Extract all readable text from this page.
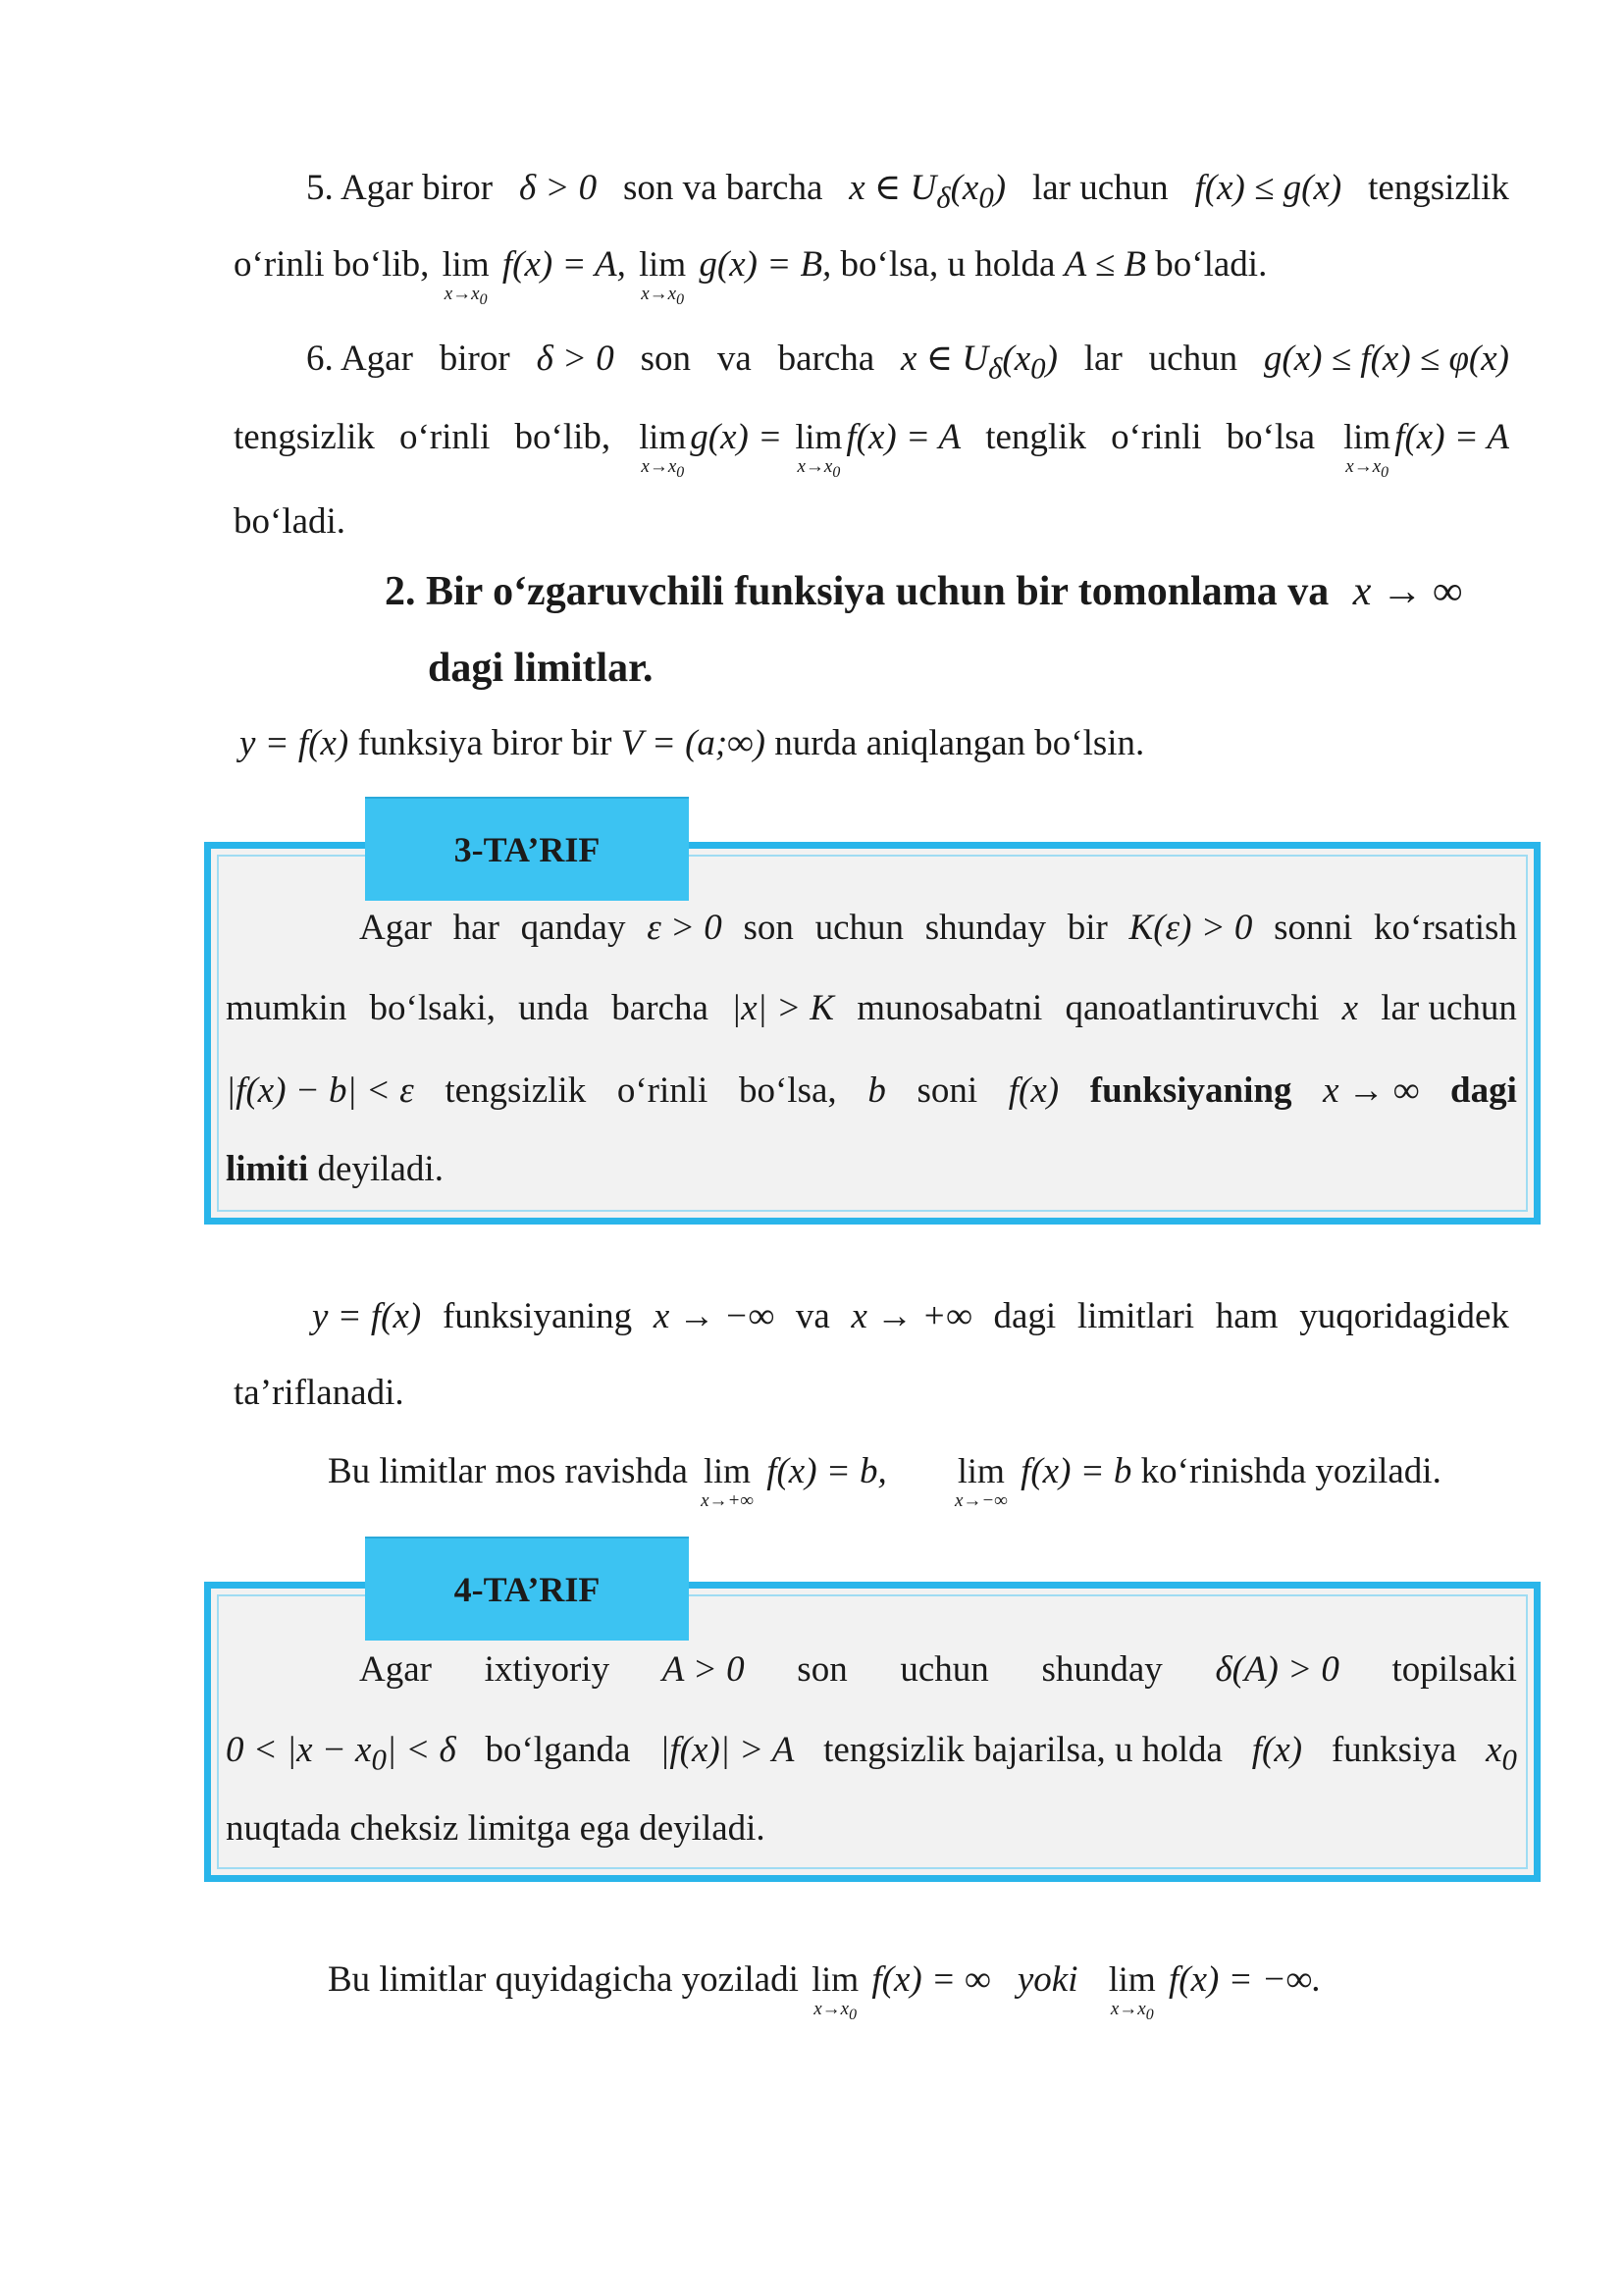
5. Agar biror δ > 0 son va barcha x ∈ $U_\delta(x_0)$ lar uchun f(x) ≤ g(x) tengsizlik
o‘rinli bo‘lib, lim
$x\to x_0$
f(x) = A, lim
$x\to x_0$
g(x) = B, bo‘lsa, u holda A ≤ B bo‘ladi.
6. Agar biror δ > 0 son va barcha x ∈ $U_\delta(x_0)$ lar uchun g(x) ≤ f(x) ≤ φ(x)
tengsizlik o‘rinli bo‘lib, lim
$x\to x_0$
g(x) = lim
$x\to x_0$
f(x) = A tenglik o‘rinli bo‘lsa lim
$x\to x_0$
f(x) = A
bo‘ladi.
2. Bir o‘zgaruvchili funksiya uchun bir tomonlama va x → ∞
dagi limitlar.
y = f(x) funksiya biror bir V = (a;∞) nurda aniqlangan bo‘lsin.
3-TA’RIF
Agar har qanday ε > 0 son uchun shunday bir K(ε) > 0 sonni ko‘rsatish
mumkin bo‘lsaki, unda barcha |x| > K munosabatni qanoatlantiruvchi x lar uchun
|f(x) − b| < ε tengsizlik o‘rinli bo‘lsa, b soni f(x) funksiyaning x → ∞ dagi
limiti deyiladi.
y = f(x) funksiyaning x → −∞ va x → +∞ dagi limitlari ham yuqoridagidek
ta’riflanadi.
Bu limitlar mos ravishda lim
x→+∞
f(x) = b, lim
x→−∞
f(x) = b ko‘rinishda yoziladi.
4-TA’RIF
Agar ixtiyoriy A > 0 son uchun shunday δ(A) > 0 topilsaki
$0 < |x - x_0| < \delta$ bo‘lganda |f(x)| > A tengsizlik bajarilsa, u holda f(x) funksiya $x_0$
nuqtada cheksiz limitga ega deyiladi.
Bu limitlar quyidagicha yoziladi lim
$x\to x_0$
f(x) = ∞ yoki lim
$x\to x_0$
f(x) = −∞.
